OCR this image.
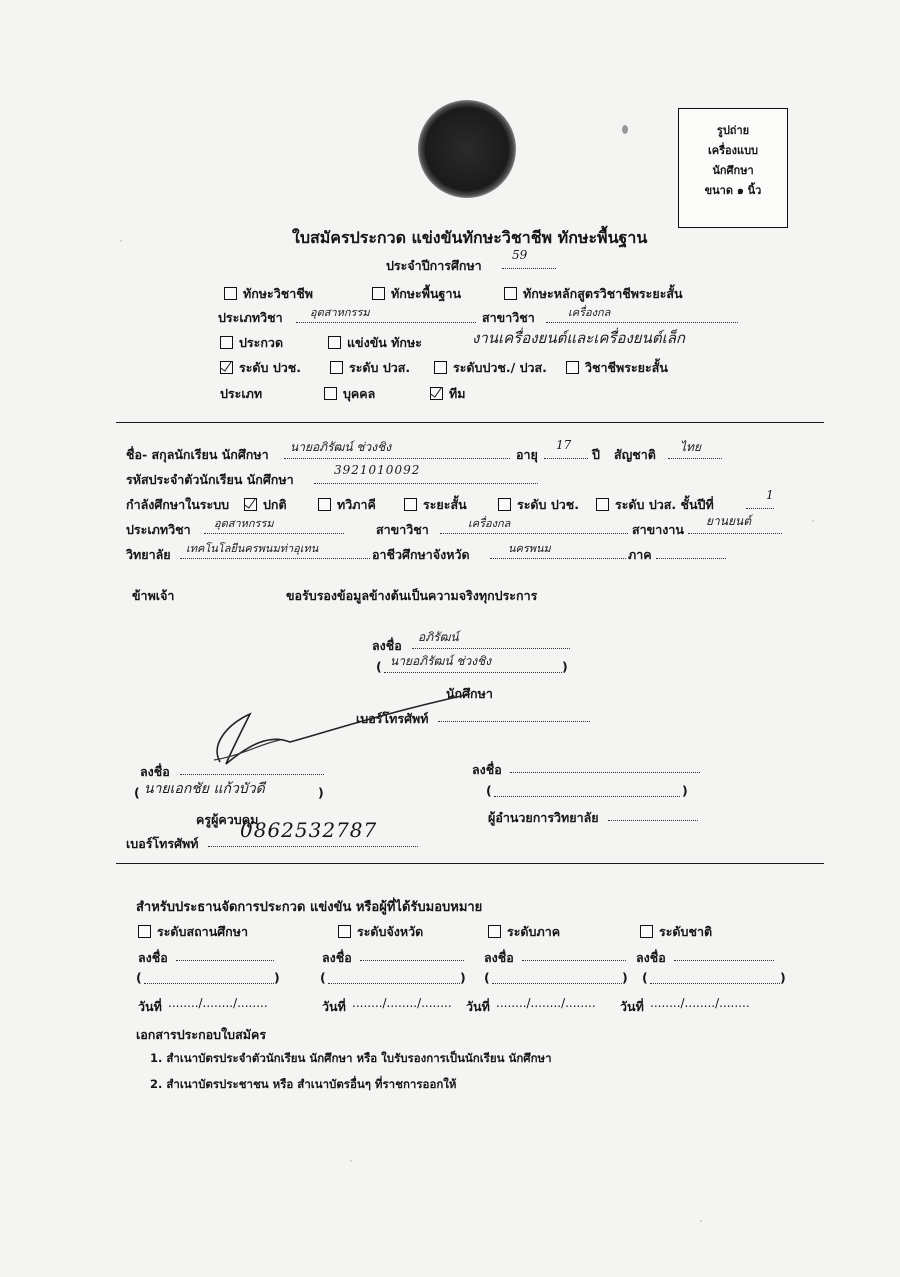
รูปถ่าย
เครื่องแบบ
นักศึกษา
ขนาด ๑ นิ้ว
ใบสมัครประกวด แข่งขันทักษะวิชาชีพ ทักษะพื้นฐาน
ประจำปีการศึกษา
59
ทักษะวิชาชีพ	ทักษะพื้นฐาน	ทักษะหลักสูตรวิชาชีพระยะสั้น
ประเภทวิชา อุตสาหกรรม	สาขาวิชา	เครื่องกล
ประกวด	แข่งขัน ทักษะ	งานเครื่องยนต์และเครื่องยนต์เล็ก
ระดับ ปวช.	ระดับ ปวส.	ระดับปวช./ ปวส.	วิชาชีพระยะสั้น
ประเภท	บุคคล	ทีม
ชื่อ- สกุลนักเรียน นักศึกษา นายอภิรัฒน์ ช่วงชิง	อายุ
17
ปี สัญชาติ ไทย
รหัสประจำตัวนักเรียน นักศึกษา
3921010092
กำลังศึกษาในระบบ	ปกติ	ทวิภาคี	ระยะสั้น	ระดับ ปวช.	ระดับ ปวส. ชั้นปีที่
1
ประเภทวิชา อุตสาหกรรม	สาขาวิชา	เครื่องกล	สาขางาน
ยานยนต์
วิทยาลัย เทคโนโลยีนครพนมท่าอุเทน	อาชีวศึกษาจังหวัด	นครพนม	ภาค
ข้าพเจ้า	ขอรับรองข้อมูลข้างต้นเป็นความจริงทุกประการ
ลงชื่อ
อภิรัฒน์
( นายอภิรัฒน์ ช่วงชิง	)
นักศึกษา
เบอร์โทรศัพท์
ลงชื่อ
( นายเอกชัย แก้วบัวดี	)
ครูผู้ควบคุม
เบอร์โทรศัพท์
0862532787
ลงชื่อ
(	)
ผู้อำนวยการวิทยาลัย
สำหรับประธานจัดการประกวด แข่งขัน หรือผู้ที่ได้รับมอบหมาย
ระดับสถานศึกษา	ระดับจังหวัด	ระดับภาค	ระดับชาติ
ลงชื่อ	ลงชื่อ	ลงชื่อ	ลงชื่อ
(	)	(	) (	) (	)
วันที่ ......../......../........	วันที่ ......../......../........ วันที่ ......../......../........ วันที่ ......../......../........
เอกสารประกอบใบสมัคร
1. สำเนาบัตรประจำตัวนักเรียน นักศึกษา หรือ ใบรับรองการเป็นนักเรียน นักศึกษา
2. สำเนาบัตรประชาชน หรือ สำเนาบัตรอื่นๆ ที่ราชการออกให้
